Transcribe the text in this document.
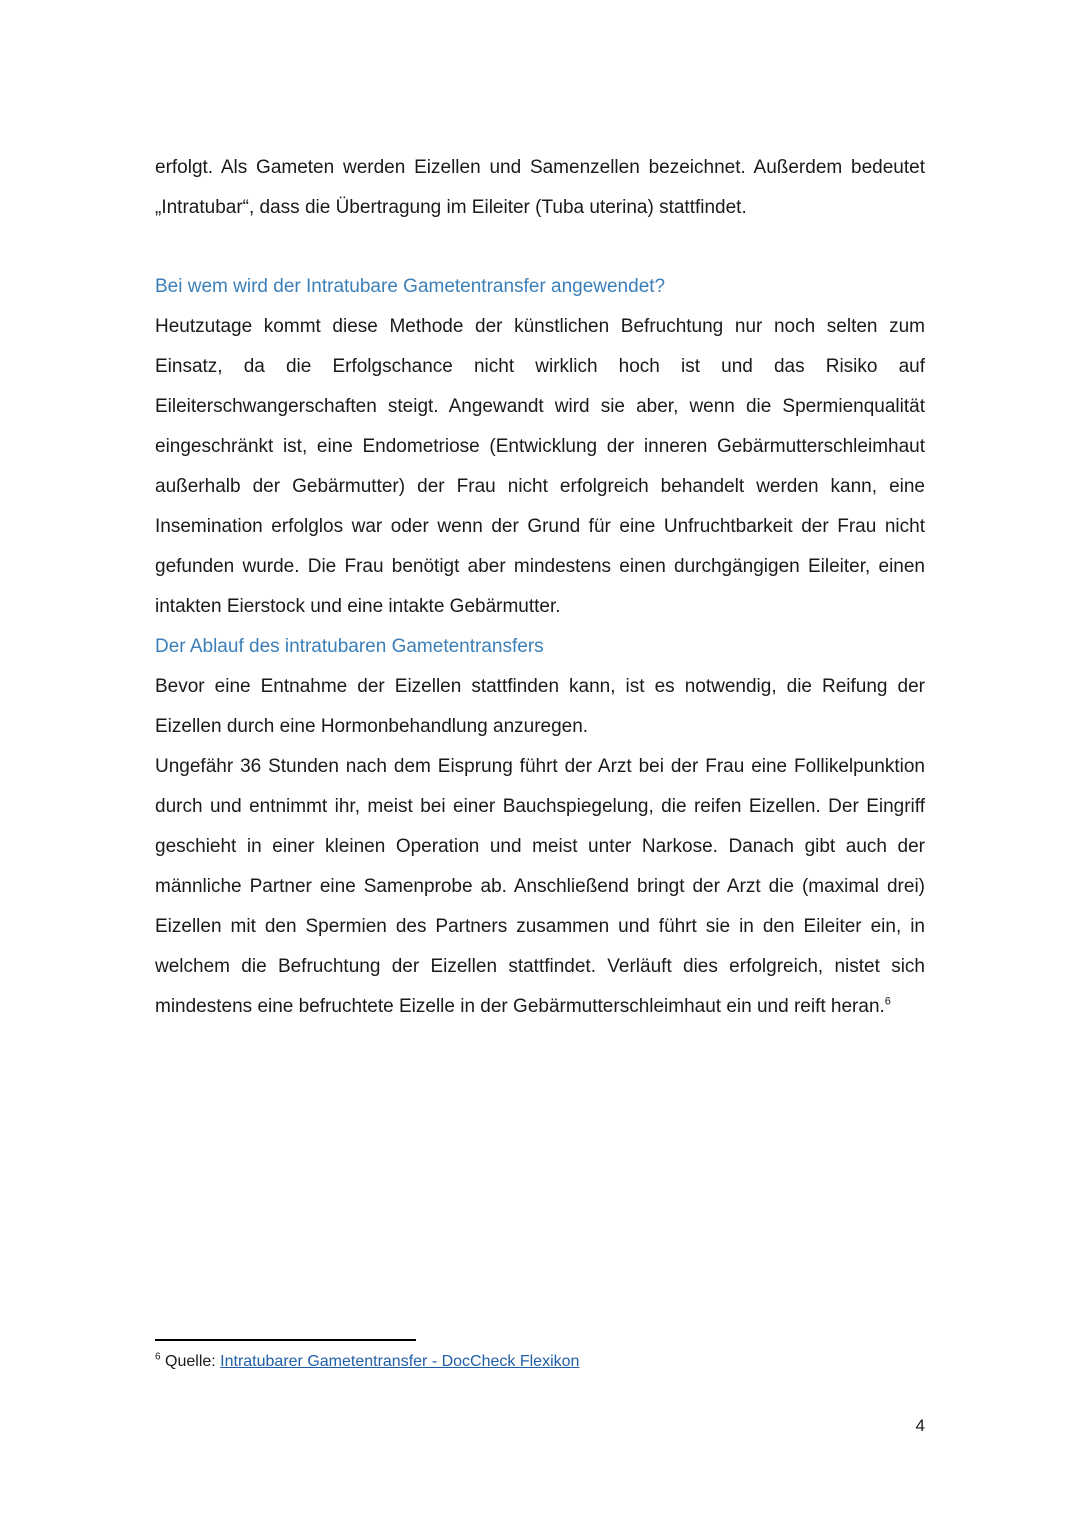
erfolgt. Als Gameten werden Eizellen und Samenzellen bezeichnet. Außerdem bedeutet „Intratubar“, dass die Übertragung im Eileiter (Tuba uterina) stattfindet.

Bei wem wird der Intratubare Gametentransfer angewendet?

Heutzutage kommt diese Methode der künstlichen Befruchtung nur noch selten zum Einsatz, da die Erfolgschance nicht wirklich hoch ist und das Risiko auf Eileiterschwangerschaften steigt. Angewandt wird sie aber, wenn die Spermienqualität eingeschränkt ist, eine Endometriose (Entwicklung der inneren Gebärmutterschleimhaut außerhalb der Gebärmutter) der Frau nicht erfolgreich behandelt werden kann, eine Insemination erfolglos war oder wenn der Grund für eine Unfruchtbarkeit der Frau nicht gefunden wurde. Die Frau benötigt aber mindestens einen durchgängigen Eileiter, einen intakten Eierstock und eine intakte Gebärmutter.

Der Ablauf des intratubaren Gametentransfers

Bevor eine Entnahme der Eizellen stattfinden kann, ist es notwendig, die Reifung der Eizellen durch eine Hormonbehandlung anzuregen.

Ungefähr 36 Stunden nach dem Eisprung führt der Arzt bei der Frau eine Follikelpunktion durch und entnimmt ihr, meist bei einer Bauchspiegelung, die reifen Eizellen. Der Eingriff geschieht in einer kleinen Operation und meist unter Narkose. Danach gibt auch der männliche Partner eine Samenprobe ab. Anschließend bringt der Arzt die (maximal drei) Eizellen mit den Spermien des Partners zusammen und führt sie in den Eileiter ein, in welchem die Befruchtung der Eizellen stattfindet. Verläuft dies erfolgreich, nistet sich mindestens eine befruchtete Eizelle in der Gebärmutterschleimhaut ein und reift heran.$^6$

$^6$ Quelle: Intratubarer Gametentransfer - DocCheck Flexikon
4
